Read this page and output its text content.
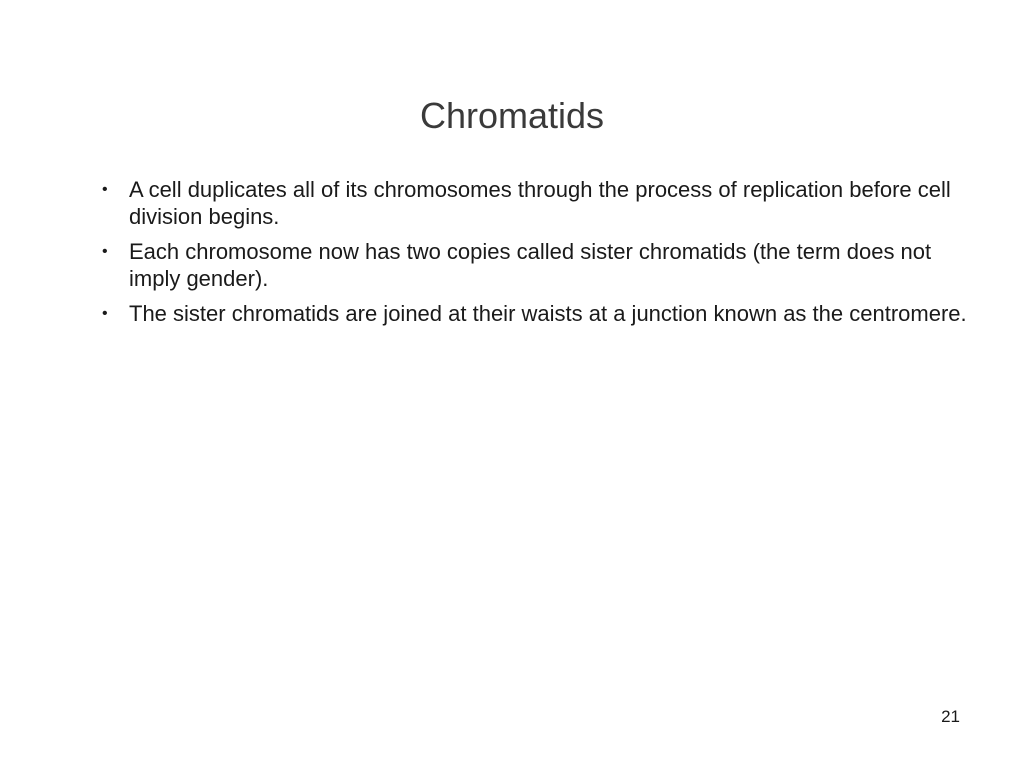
Chromatids
• A cell duplicates all of its chromosomes through the process of replication before cell division begins.
• Each chromosome now has two copies called sister chromatids (the term does not imply gender).
• The sister chromatids are joined at their waists at a junction known as the centromere.
21
